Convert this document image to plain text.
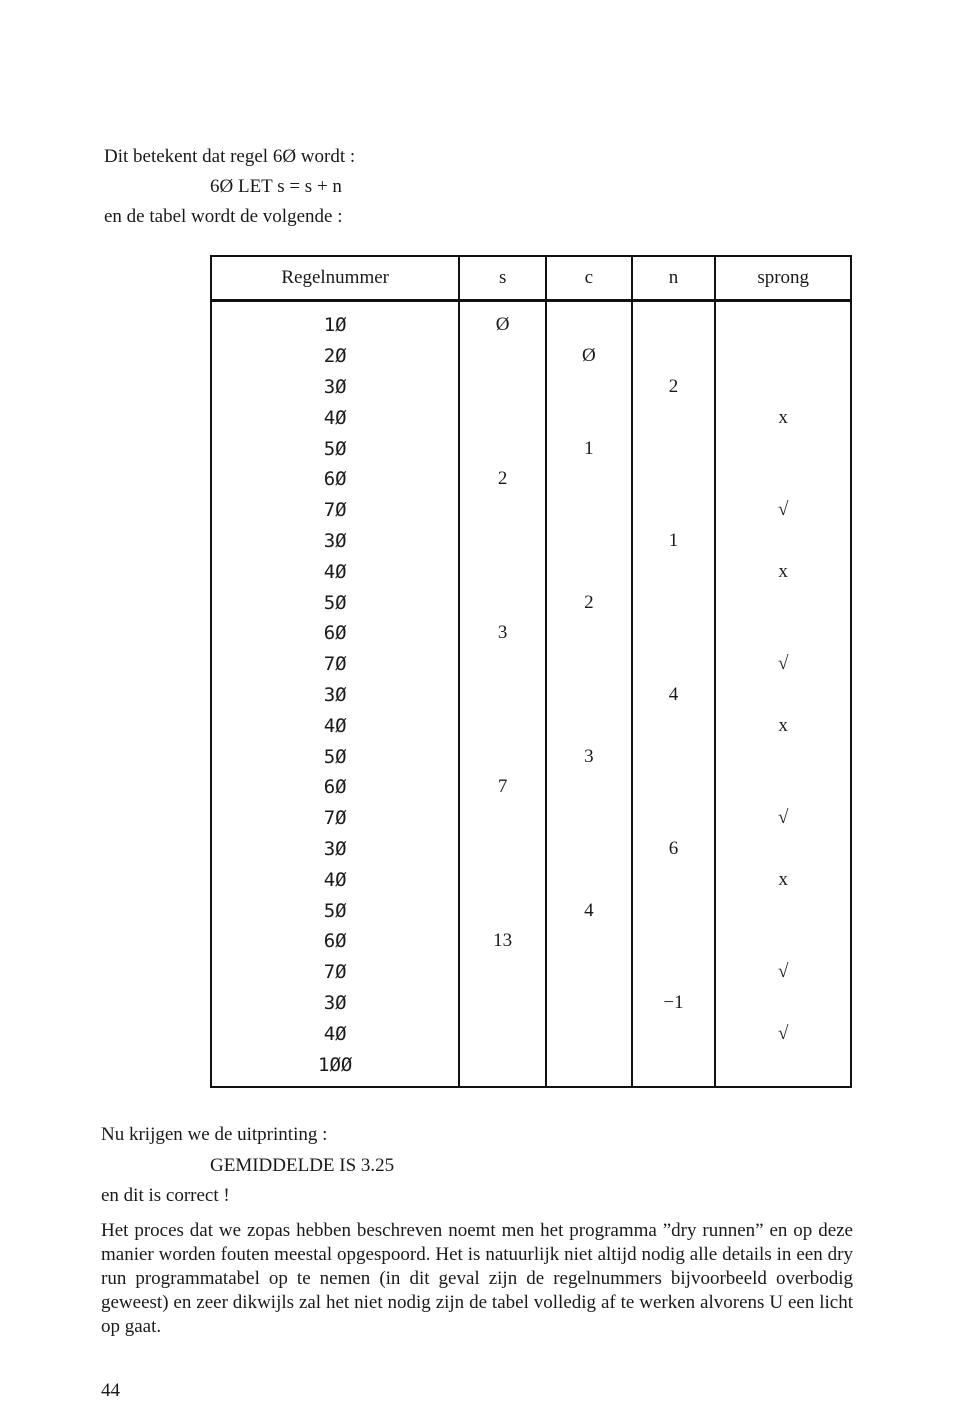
Dit betekent dat regel 6Ø wordt :
6Ø LET s = s + n
en de tabel wordt de volgende :
Regelnummer	s	c	n	sprong
1Ø	Ø			
2Ø		Ø		
3Ø			2	
4Ø				x
5Ø		1		
6Ø	2			
7Ø				√
3Ø			1	
4Ø				x
5Ø		2		
6Ø	3			
7Ø				√
3Ø			4	
4Ø				x
5Ø		3		
6Ø	7			
7Ø				√
3Ø			6	
4Ø				x
5Ø		4		
6Ø	13			
7Ø				√
3Ø			−1	
4Ø				√
1ØØ				
Nu krijgen we de uitprinting :
GEMIDDELDE IS 3.25
en dit is correct !

Het proces dat we zopas hebben beschreven noemt men het programma ”dry runnen” en op deze manier worden fouten meestal opgespoord. Het is natuurlijk niet altijd nodig alle details in een dry run programmatabel op te nemen (in dit geval zijn de regelnummers bijvoorbeeld overbodig geweest) en zeer dikwijls zal het niet nodig zijn de tabel volledig af te werken alvorens U een licht op gaat.

44
